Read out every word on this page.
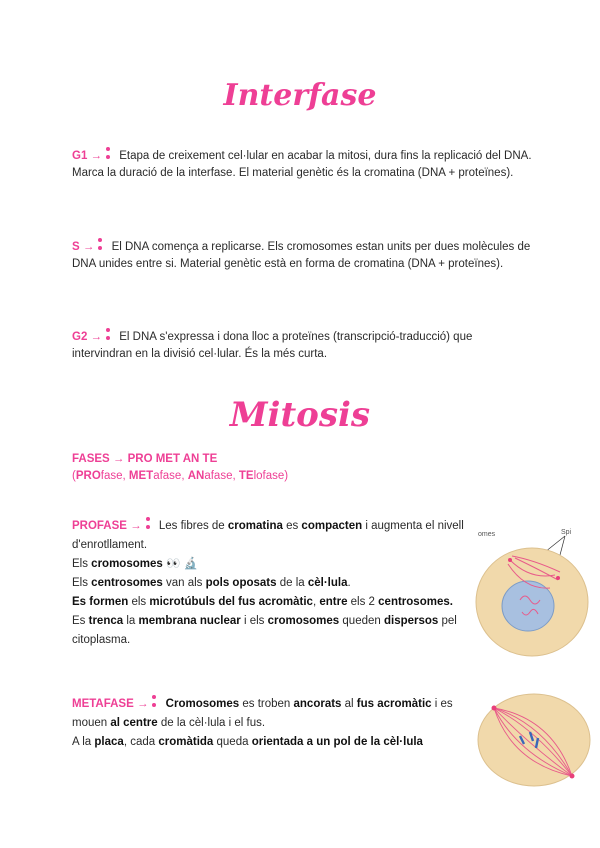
Interfase
G1 → Etapa de creixement cel·lular en acabar la mitosi, dura fins la replicació del DNA. Marca la duració de la interfase. El material genètic és la cromatina (DNA + proteïnes).
S → El DNA comença a replicarse. Els cromosomes estan units per dues molècules de DNA unides entre si. Material genètic està en forma de cromatina (DNA + proteïnes).
G2 → El DNA s'expressa i dona lloc a proteïnes (transcripció-traducció) que intervindran en la divisió cel·lular. És la més curta.
Mitosis
FASES → PRO MET AN TE
(PROfase, METafase, ANafase, TElofase)
PROFASE → Les fibres de cromatina es compacten i augmenta el nivell d'enrotllament.
Els cromosomes 👀 🔬
Els centrosomes van als pols oposats de la cèl·lula.
Es formen els microtúbuls del fus acromàtic, entre els 2 centrosomes.
Es trenca la membrana nuclear i els cromosomes queden dispersos pel citoplasma.
METAFASE → Cromosomes es troben ancorats al fus acromàtic i es mouen al centre de la cèl·lula i el fus.
A la placa, cada cromàtida queda orientada a un pol de la cèl·lula
omes	Spi
